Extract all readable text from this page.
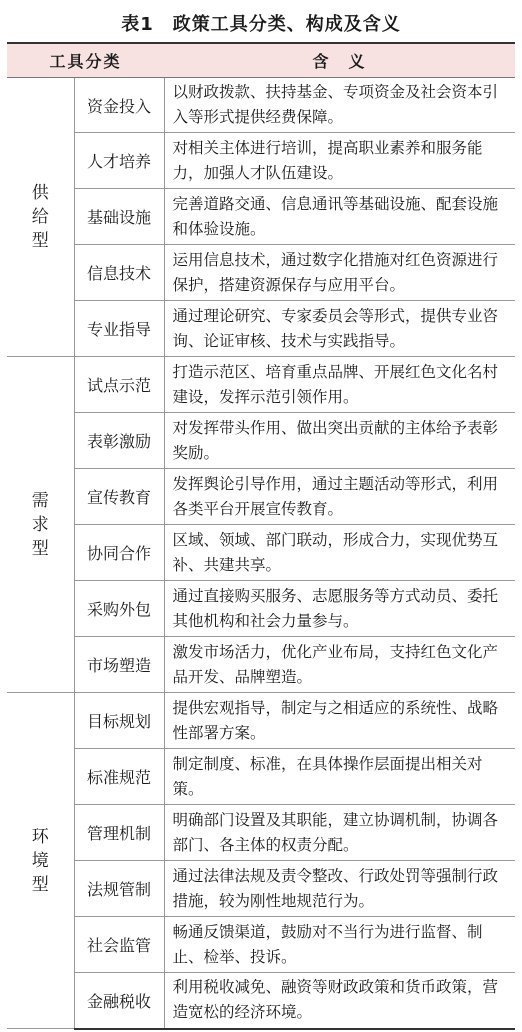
表1　政策工具分类、构成及含义
工具分类		含　义

供
给
型	资金投入	以财政拨款、扶持基金、专项资金及社会资本引入等形式提供经费保障。
	人才培养	对相关主体进行培训，提高职业素养和服务能力，加强人才队伍建设。
	基础设施	完善道路交通、信息通讯等基础设施、配套设施和体验设施。
	信息技术	运用信息技术，通过数字化措施对红色资源进行保护，搭建资源保存与应用平台。
	专业指导	通过理论研究、专家委员会等形式，提供专业咨询、论证审核、技术与实践指导。

需
求
型	试点示范	打造示范区、培育重点品牌、开展红色文化名村建设，发挥示范引领作用。
	表彰激励	对发挥带头作用、做出突出贡献的主体给予表彰奖励。
	宣传教育	发挥舆论引导作用，通过主题活动等形式，利用各类平台开展宣传教育。
	协同合作	区域、领域、部门联动，形成合力，实现优势互补、共建共享。
	采购外包	通过直接购买服务、志愿服务等方式动员、委托其他机构和社会力量参与。
	市场塑造	激发市场活力，优化产业布局，支持红色文化产品开发、品牌塑造。

环
境
型	目标规划	提供宏观指导，制定与之相适应的系统性、战略性部署方案。
	标准规范	制定制度、标准，在具体操作层面提出相关对策。
	管理机制	明确部门设置及其职能，建立协调机制，协调各部门、各主体的权责分配。
	法规管制	通过法律法规及责令整改、行政处罚等强制行政措施，较为刚性地规范行为。
	社会监管	畅通反馈渠道，鼓励对不当行为进行监督、制止、检举、投诉。
	金融税收	利用税收减免、融资等财政政策和货币政策，营造宽松的经济环境。
